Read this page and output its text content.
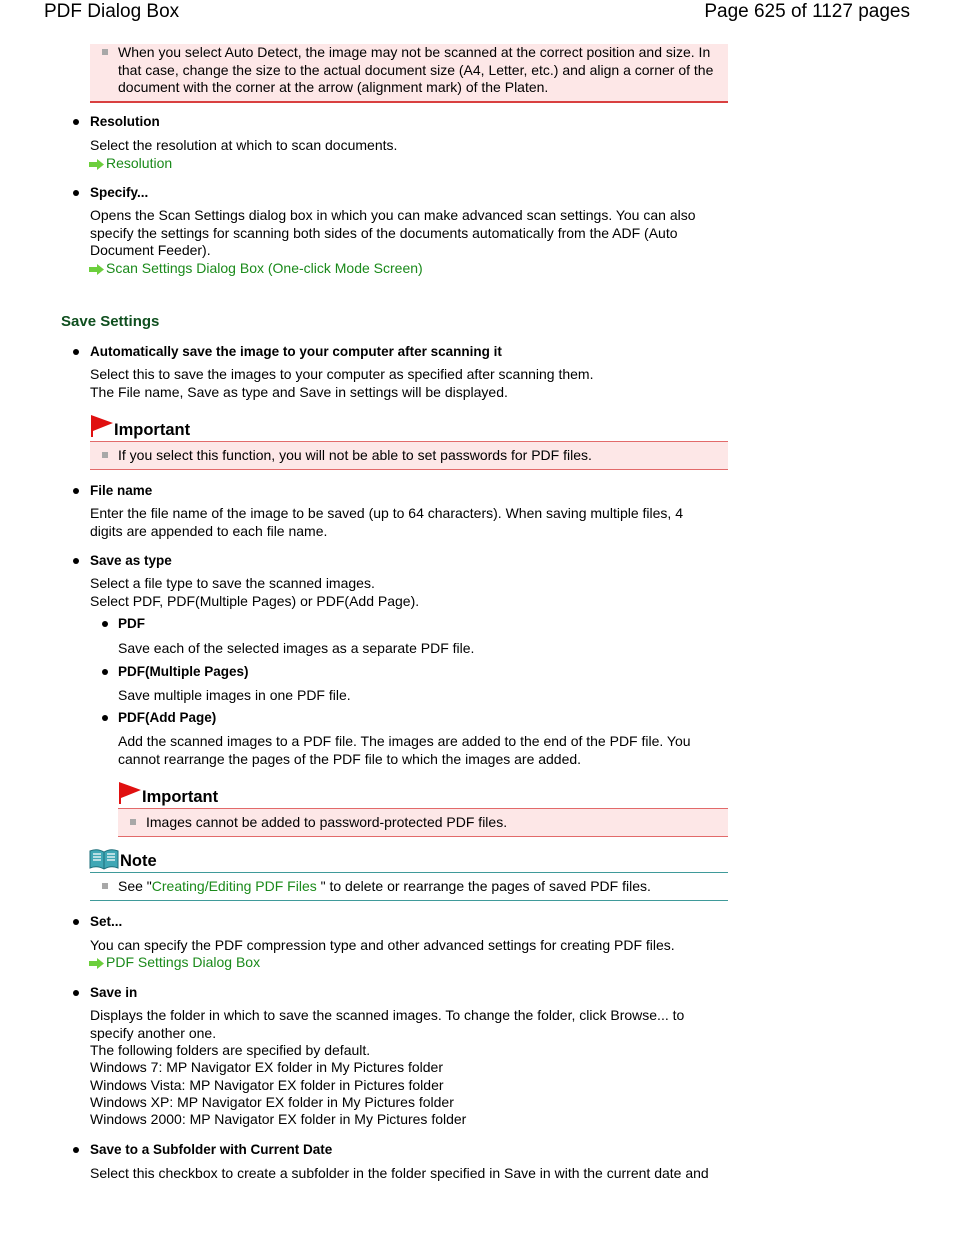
PDF Dialog Box	Page 625 of 1127 pages
When you select Auto Detect, the image may not be scanned at the correct position and size. In that case, change the size to the actual document size (A4, Letter, etc.) and align a corner of the document with the corner at the arrow (alignment mark) of the Platen.
Resolution
Select the resolution at which to scan documents.
Resolution
Specify...
Opens the Scan Settings dialog box in which you can make advanced scan settings. You can also specify the settings for scanning both sides of the documents automatically from the ADF (Auto Document Feeder).
Scan Settings Dialog Box (One-click Mode Screen)
Save Settings
Automatically save the image to your computer after scanning it
Select this to save the images to your computer as specified after scanning them.
The File name, Save as type and Save in settings will be displayed.
Important
If you select this function, you will not be able to set passwords for PDF files.
File name
Enter the file name of the image to be saved (up to 64 characters). When saving multiple files, 4 digits are appended to each file name.
Save as type
Select a file type to save the scanned images.
Select PDF, PDF(Multiple Pages) or PDF(Add Page).
PDF
Save each of the selected images as a separate PDF file.
PDF(Multiple Pages)
Save multiple images in one PDF file.
PDF(Add Page)
Add the scanned images to a PDF file. The images are added to the end of the PDF file. You cannot rearrange the pages of the PDF file to which the images are added.
Important
Images cannot be added to password-protected PDF files.
Note
See "Creating/Editing PDF Files " to delete or rearrange the pages of saved PDF files.
Set...
You can specify the PDF compression type and other advanced settings for creating PDF files.
PDF Settings Dialog Box
Save in
Displays the folder in which to save the scanned images. To change the folder, click Browse... to specify another one.
The following folders are specified by default.
Windows 7: MP Navigator EX folder in My Pictures folder
Windows Vista: MP Navigator EX folder in Pictures folder
Windows XP: MP Navigator EX folder in My Pictures folder
Windows 2000: MP Navigator EX folder in My Pictures folder
Save to a Subfolder with Current Date
Select this checkbox to create a subfolder in the folder specified in Save in with the current date and
